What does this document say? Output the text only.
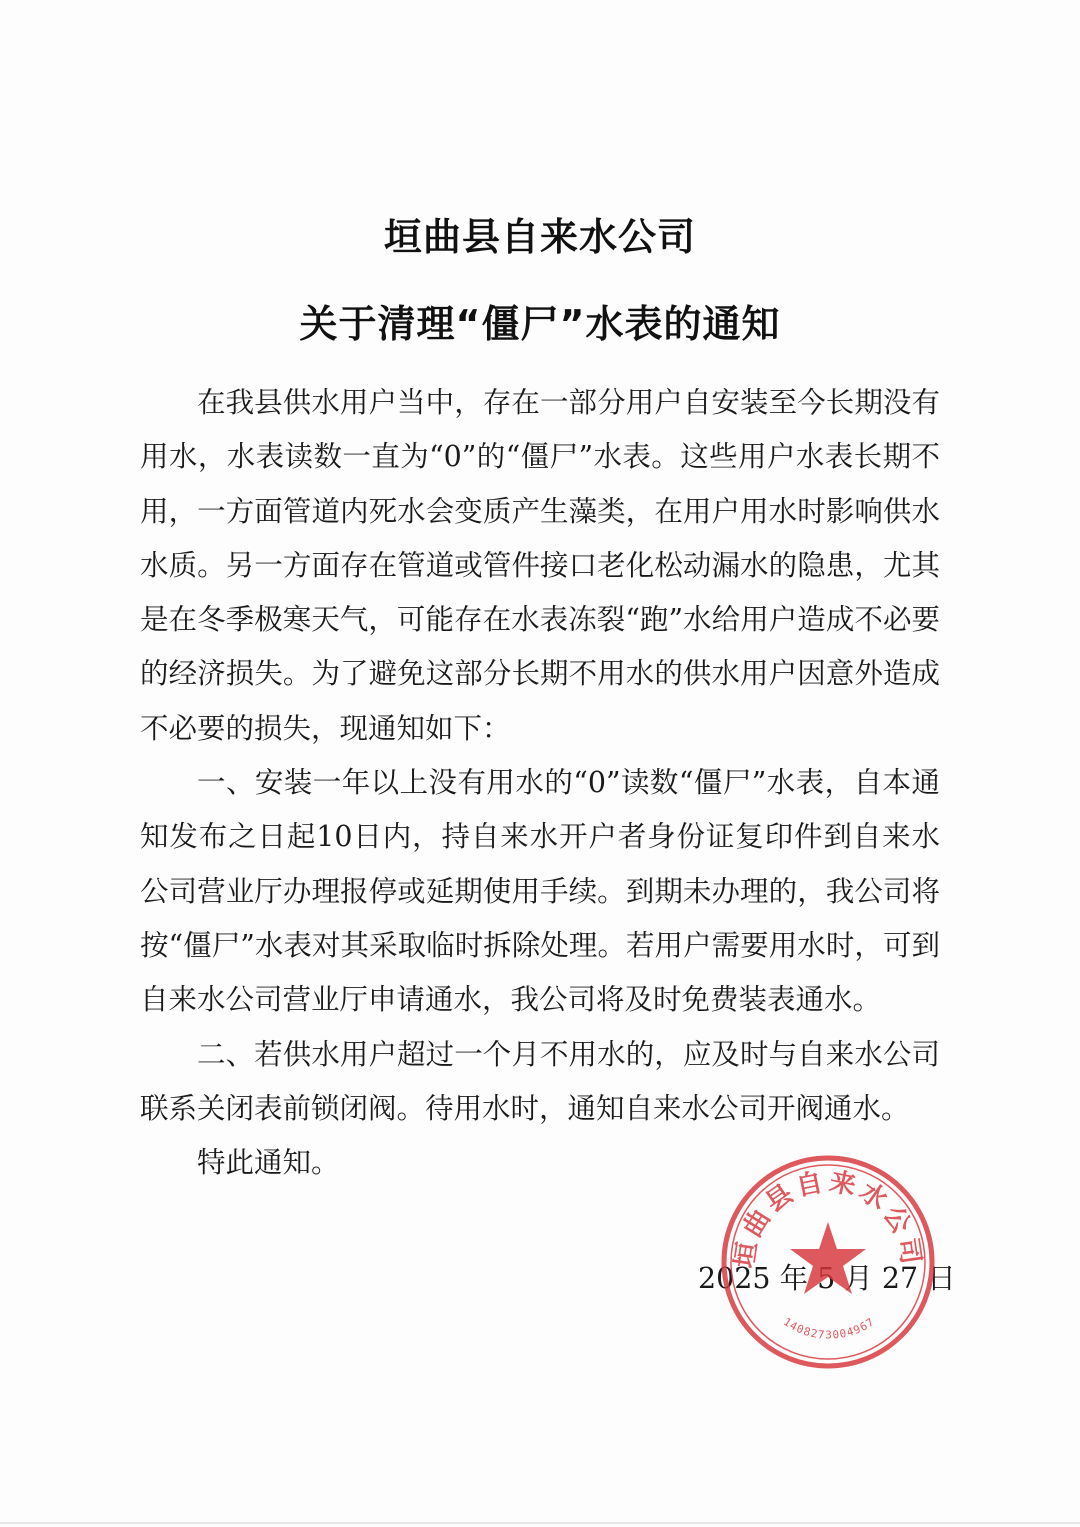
垣曲县自来水公司
关于清理“僵尸”水表的通知

在我县供水用户当中，存在一部分用户自安装至今长期没有用水，水表读数一直为“0”的“僵尸”水表。这些用户水表长期不用，一方面管道内死水会变质产生藻类，在用户用水时影响供水水质。另一方面存在管道或管件接口老化松动漏水的隐患，尤其是在冬季极寒天气，可能存在水表冻裂“跑”水给用户造成不必要的经济损失。为了避免这部分长期不用水的供水用户因意外造成不必要的损失，现通知如下：

一、安装一年以上没有用水的“0”读数“僵尸”水表，自本通知发布之日起10日内，持自来水开户者身份证复印件到自来水公司营业厅办理报停或延期使用手续。到期未办理的，我公司将按“僵尸”水表对其采取临时拆除处理。若用户需要用水时，可到自来水公司营业厅申请通水，我公司将及时免费装表通水。

二、若供水用户超过一个月不用水的，应及时与自来水公司联系关闭表前锁闭阀。待用水时，通知自来水公司开阀通水。

特此通知。

2025 年 5 月 27 日
垣曲县自来水公司
1408273004967
